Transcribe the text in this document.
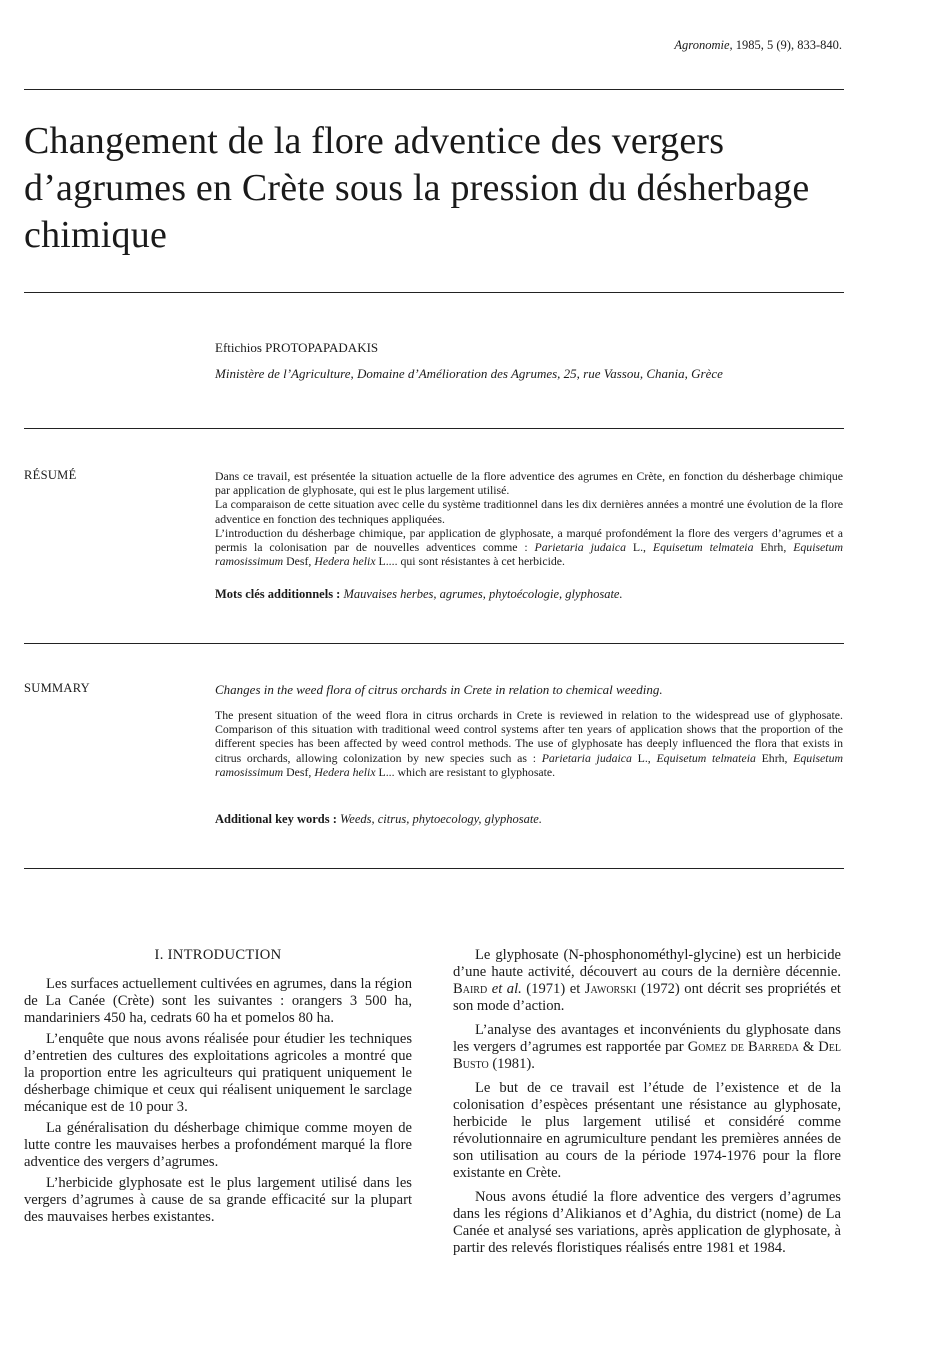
Agronomie, 1985, 5 (9), 833-840.
Changement de la flore adventice des vergers d’agrumes en Crète sous la pression du désherbage chimique
Eftichios PROTOPAPADAKIS
Ministère de l’Agriculture, Domaine d’Amélioration des Agrumes, 25, rue Vassou, Chania, Grèce
RÉSUMÉ	Dans ce travail, est présentée la situation actuelle de la flore adventice des agrumes en Crète, en fonction du désherbage chimique par application de glyphosate, qui est le plus largement utilisé.

La comparaison de cette situation avec celle du système traditionnel dans les dix dernières années a montré une évolution de la flore adventice en fonction des techniques appliquées.

L’introduction du désherbage chimique, par application de glyphosate, a marqué profondément la flore des vergers d’agrumes et a permis la colonisation par de nouvelles adventices comme : Parietaria judaica L., Equisetum telmateia Ehrh, Equisetum ramosissimum Desf, Hedera helix L.... qui sont résistantes à cet herbicide.

Mots clés additionnels : Mauvaises herbes, agrumes, phytoécologie, glyphosate.
SUMMARY	Changes in the weed flora of citrus orchards in Crete in relation to chemical weeding.

The present situation of the weed flora in citrus orchards in Crete is reviewed in relation to the widespread use of glyphosate. Comparison of this situation with traditional weed control systems after ten years of application shows that the proportion of the different species has been affected by weed control methods. The use of glyphosate has deeply influenced the flora that exists in citrus orchards, allowing colonization by new species such as : Parietaria judaica L., Equisetum telmateia Ehrh, Equisetum ramosissimum Desf, Hedera helix L... which are resistant to glyphosate.

Additional key words : Weeds, citrus, phytoecology, glyphosate.
I. INTRODUCTION

Les surfaces actuellement cultivées en agrumes, dans la région de La Canée (Crète) sont les suivantes : orangers 3 500 ha, mandariniers 450 ha, cedrats 60 ha et pomelos 80 ha.

L’enquête que nous avons réalisée pour étudier les techniques d’entretien des cultures des exploitations agricoles a montré que la proportion entre les agriculteurs qui pratiquent uniquement le désherbage chimique et ceux qui réalisent uniquement le sarclage mécanique est de 10 pour 3.

La généralisation du désherbage chimique comme moyen de lutte contre les mauvaises herbes a profondément marqué la flore adventice des vergers d’agrumes.

L’herbicide glyphosate est le plus largement utilisé dans les vergers d’agrumes à cause de sa grande efficacité sur la plupart des mauvaises herbes existantes.

Le glyphosate (N-phosphonométhyl-glycine) est un herbicide d’une haute activité, découvert au cours de la dernière décennie. Baird et al. (1971) et Jaworski (1972) ont décrit ses propriétés et son mode d’action.

L’analyse des avantages et inconvénients du glyphosate dans les vergers d’agrumes est rapportée par Gomez de Barreda & Del Busto (1981).

Le but de ce travail est l’étude de l’existence et de la colonisation d’espèces présentant une résistance au glyphosate, herbicide le plus largement utilisé et considéré comme révolutionnaire en agrumiculture pendant les premières années de son utilisation au cours de la période 1974-1976 pour la flore existante en Crète.

Nous avons étudié la flore adventice des vergers d’agrumes dans les régions d’Alikianos et d’Aghia, du district (nome) de La Canée et analysé ses variations, après application de glyphosate, à partir des relevés floristiques réalisés entre 1981 et 1984.
